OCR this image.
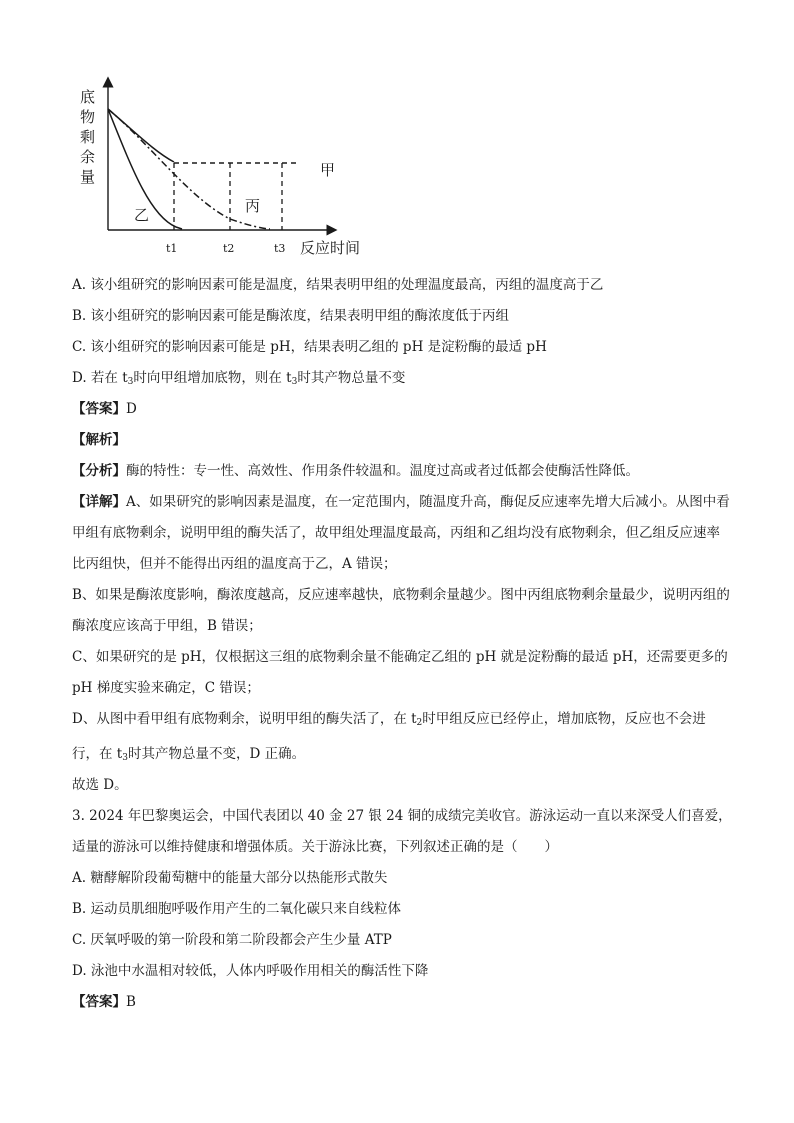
底
物
剩
余
量	甲
乙	丙
t1	t2	t3 反应时间
A. 该小组研究的影响因素可能是温度，结果表明甲组的处理温度最高，丙组的温度高于乙
B. 该小组研究的影响因素可能是酶浓度，结果表明甲组的酶浓度低于丙组
C. 该小组研究的影响因素可能是 pH，结果表明乙组的 pH 是淀粉酶的最适 pH
D. 若在 $t_3$时向甲组增加底物，则在 $t_3$时其产物总量不变
【答案】D
【解析】
【分析】酶的特性：专一性、高效性、作用条件较温和。温度过高或者过低都会使酶活性降低。
【详解】A、如果研究的影响因素是温度，在一定范围内，随温度升高，酶促反应速率先增大后减小。从图中看甲组有底物剩余，说明甲组的酶失活了，故甲组处理温度最高，丙组和乙组均没有底物剩余，但乙组反应速率比丙组快，但并不能得出丙组的温度高于乙，A 错误；
B、如果是酶浓度影响，酶浓度越高，反应速率越快，底物剩余量越少。图中丙组底物剩余量最少，说明丙组的酶浓度应该高于甲组，B 错误；
C、如果研究的是 pH，仅根据这三组的底物剩余量不能确定乙组的 pH 就是淀粉酶的最适 pH，还需要更多的 pH 梯度实验来确定，C 错误；
D、从图中看甲组有底物剩余，说明甲组的酶失活了，在 $t_2$时甲组反应已经停止，增加底物，反应也不会进行，在 $t_3$时其产物总量不变，D 正确。
故选 D。
3. 2024 年巴黎奥运会，中国代表团以 40 金 27 银 24 铜的成绩完美收官。游泳运动一直以来深受人们喜爱，适量的游泳可以维持健康和增强体质。关于游泳比赛，下列叙述正确的是（　　）
A. 糖酵解阶段葡萄糖中的能量大部分以热能形式散失
B. 运动员肌细胞呼吸作用产生的二氧化碳只来自线粒体
C. 厌氧呼吸的第一阶段和第二阶段都会产生少量 ATP
D. 泳池中水温相对较低，人体内呼吸作用相关的酶活性下降
【答案】B
